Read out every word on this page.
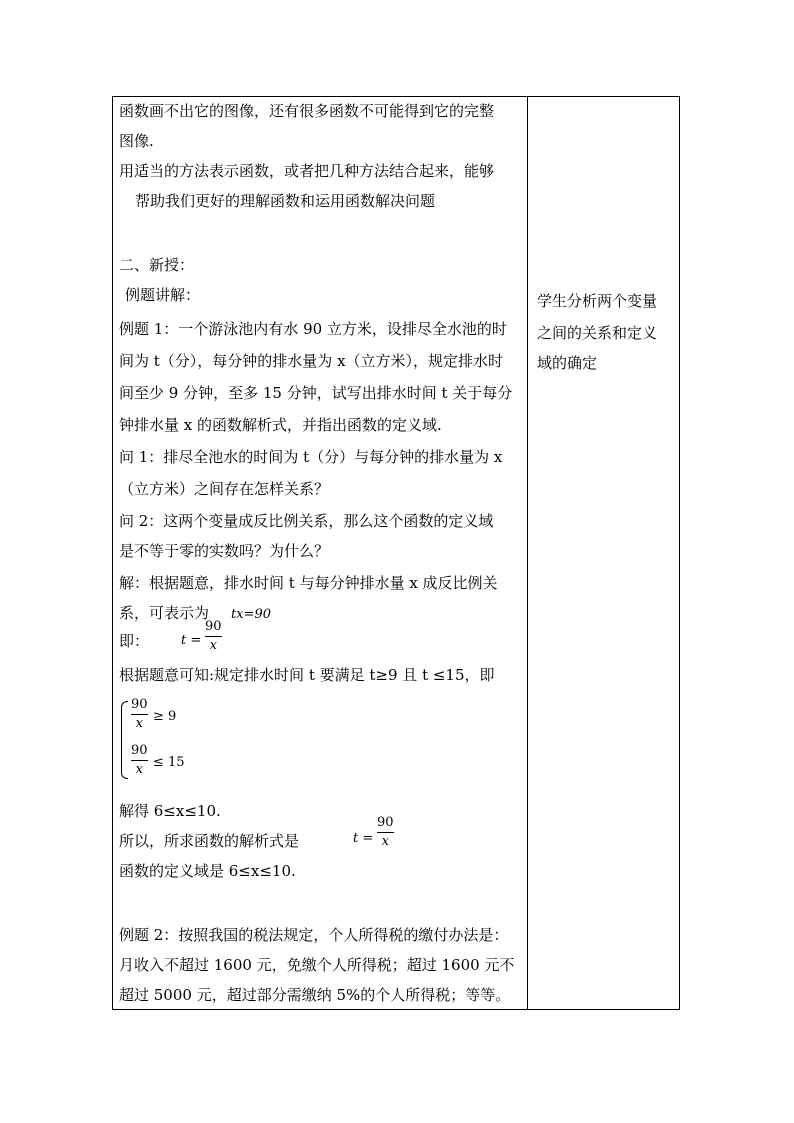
函数画不出它的图像，还有很多函数不可能得到它的完整
图像.
用适当的方法表示函数，或者把几种方法结合起来，能够
帮助我们更好的理解函数和运用函数解决问题
二、新授：
例题讲解：
例题 1：一个游泳池内有水 90 立方米，设排尽全水池的时
间为 t（分），每分钟的排水量为 x（立方米），规定排水时
间至少 9 分钟，至多 15 分钟，试写出排水时间 t 关于每分
钟排水量 x 的函数解析式，并指出函数的定义域.
问 1：排尽全池水的时间为 t（分）与每分钟的排水量为 x
（立方米）之间存在怎样关系？
问 2：这两个变量成反比例关系，那么这个函数的定义域
是不等于零的实数吗？为什么？
解：根据题意，排水时间 t 与每分钟排水量 x 成反比例关
系，可表示为 tx=90
即： t =
90
x
根据题意可知:规定排水时间 t 要满足 t≥9 且 t ≤15，即
90
x ≥ 9
90
x ≤ 15
解得 6≤x≤10.
所以，所求函数的解析式是	t =
90
x
函数的定义域是 6≤x≤10.
例题 2：按照我国的税法规定，个人所得税的缴付办法是：
月收入不超过 1600 元，免缴个人所得税；超过 1600 元不
超过 5000 元，超过部分需缴纳 5%的个人所得税；等等。
学生分析两个变量
之间的关系和定义
域的确定
